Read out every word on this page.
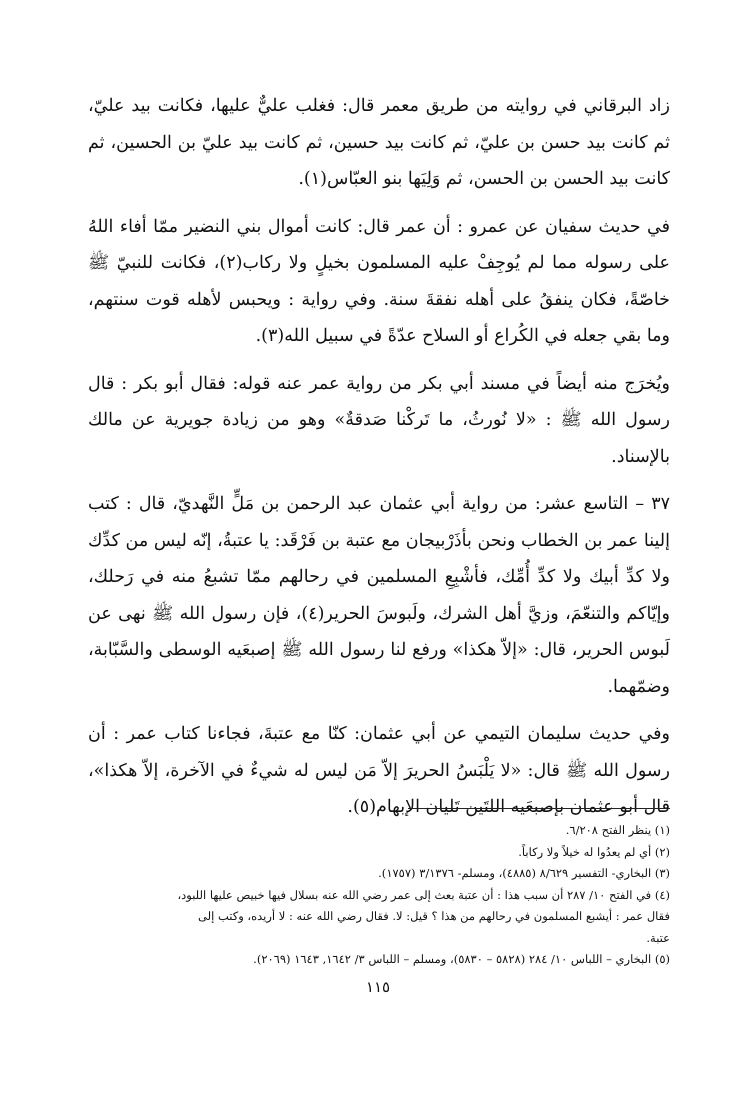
زاد البرقاني في روايته من طريق معمر قال: فغلب عليٌّ عليها، فكانت بيد عليّ، ثم كانت بيد حسن بن عليّ، ثم كانت بيد حسين، ثم كانت بيد عليّ بن الحسين، ثم كانت بيد الحسن بن الحسن، ثم وَلِيَها بنو العبّاس(١).

في حديث سفيان عن عمرو : أن عمر قال: كانت أموال بني النضير ممّا أفاء اللهُ على رسوله مما لم يُوجِفْ عليه المسلمون بخيلٍ ولا ركاب(٢)، فكانت للنبيّ ﷺ خاصّةً، فكان ينفقُ على أهله نفقةَ سنة. وفي رواية : ويحبس لأهله قوت سنتهم، وما بقي جعله في الكُراع أو السلاح عدّةً في سبيل الله(٣).

ويُخرَج منه أيضاً في مسند أبي بكر من رواية عمر عنه قوله: فقال أبو بكر : قال رسول الله ﷺ : «لا نُورثُ، ما تَركْنا صَدقةٌ» وهو من زيادة جويرية عن مالك بالإسناد.

٣٧ – التاسع عشر: من رواية أبي عثمان عبد الرحمن بن مَلٍّ النَّهديّ، قال : كتب إلينا عمر بن الخطاب ونحن بأذَرْبيجان مع عتبة بن فَرْقَد: يا عتبةُ، إنّه ليس من كدِّك ولا كدِّ أبيك ولا كدِّ أُمِّك، فأشْبِعِ المسلمين في رحالهم ممّا تشبعُ منه في رَحلك، وإيّاكم والتنعّمَ، وزيَّ أهل الشرك، ولَبوسَ الحرير(٤)، فإن رسول الله ﷺ نهى عن لَبوس الحرير، قال: «إلاّ هكذا» ورفع لنا رسول الله ﷺ إصبعَيه الوسطى والسَّبّابة، وضمّهما.

وفي حديث سليمان التيمي عن أبي عثمان: كنّا مع عتبةَ، فجاءنا كتاب عمر : أن رسول الله ﷺ قال: «لا يَلْبَسُ الحريرَ إلاّ مَن ليس له شيءٌ في الآخرة، إلاّ هكذا»، قال أبو عثمان بإصبعَيه اللتَين تَليان الإبهام(٥).

(١) ينظر الفتح ٦/٢٠٨.

(٢) أي لم يعدُوا له خيلاً ولا ركاباً.

(٣) البخاري- التفسير ٨/٦٢٩ (٤٨٨٥)، ومسلم- ٣/١٣٧٦ (١٧٥٧).

(٤) في الفتح ١٠/ ٢٨٧ أن سبب هذا : أن عتبة بعث إلى عمر رضي الله عنه بسلال فيها خبيص عليها اللبود،

فقال عمر : أيشبع المسلمون في رحالهم من هذا ؟ قيل: لا. فقال رضي الله عنه : لا أريده، وكتب إلى

عتبة.

(٥) البخاري – اللباس ١٠/ ٢٨٤ (٥٨٢٨ – ٥٨٣٠)، ومسلم – اللباس ٣/ ١٦٤٢, ١٦٤٣ (٢٠٦٩).

١١٥
